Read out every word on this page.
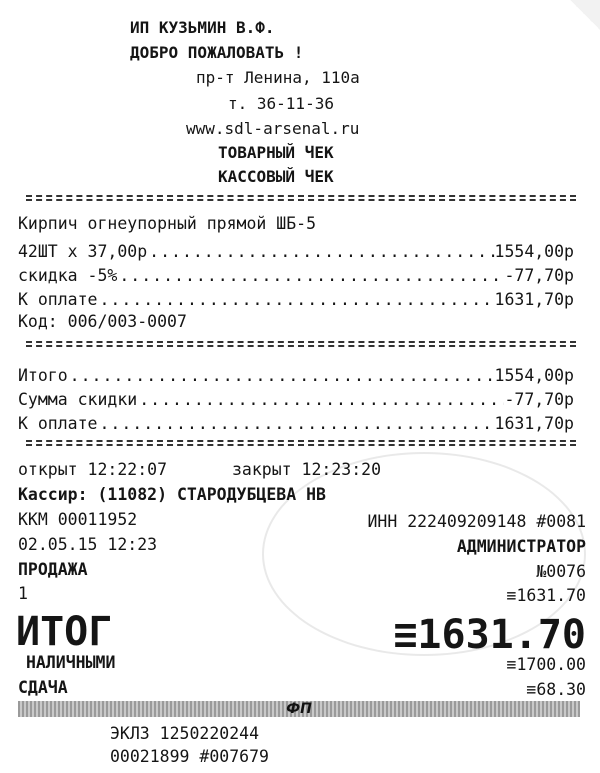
ИП КУЗЬМИН В.Ф.
ДОБРО ПОЖАЛОВАТЬ !
пр-т Ленина, 110а
т. 36-11-36
www.sdl-arsenal.ru
ТОВАРНЫЙ ЧЕК
КАССОВЫЙ ЧЕК
Кирпич огнеупорный прямой ШБ-5
42ШТ x 37,00р .....	1554,00р
скидка -5% .....	-77,70р
К оплате .....	1631,70р
Код: 006/003-0007
Итого .....	1554,00р
Сумма скидки .....	-77,70р
К оплате .....	1631,70р
открыт 12:22:07	закрыт 12:23:20
Кассир: (11082) СТАРОДУБЦЕВА НВ
ККМ 00011952	ИНН 222409209148 #0081
02.05.15 12:23	АДМИНИСТРАТОР
ПРОДАЖА	№0076
1	≡1631.70
ИТОГ	≡1631.70
НАЛИЧНЫМИ	≡1700.00
СДАЧА	≡68.30
ФП
ЭКЛЗ 1250220244
00021899 #007679
